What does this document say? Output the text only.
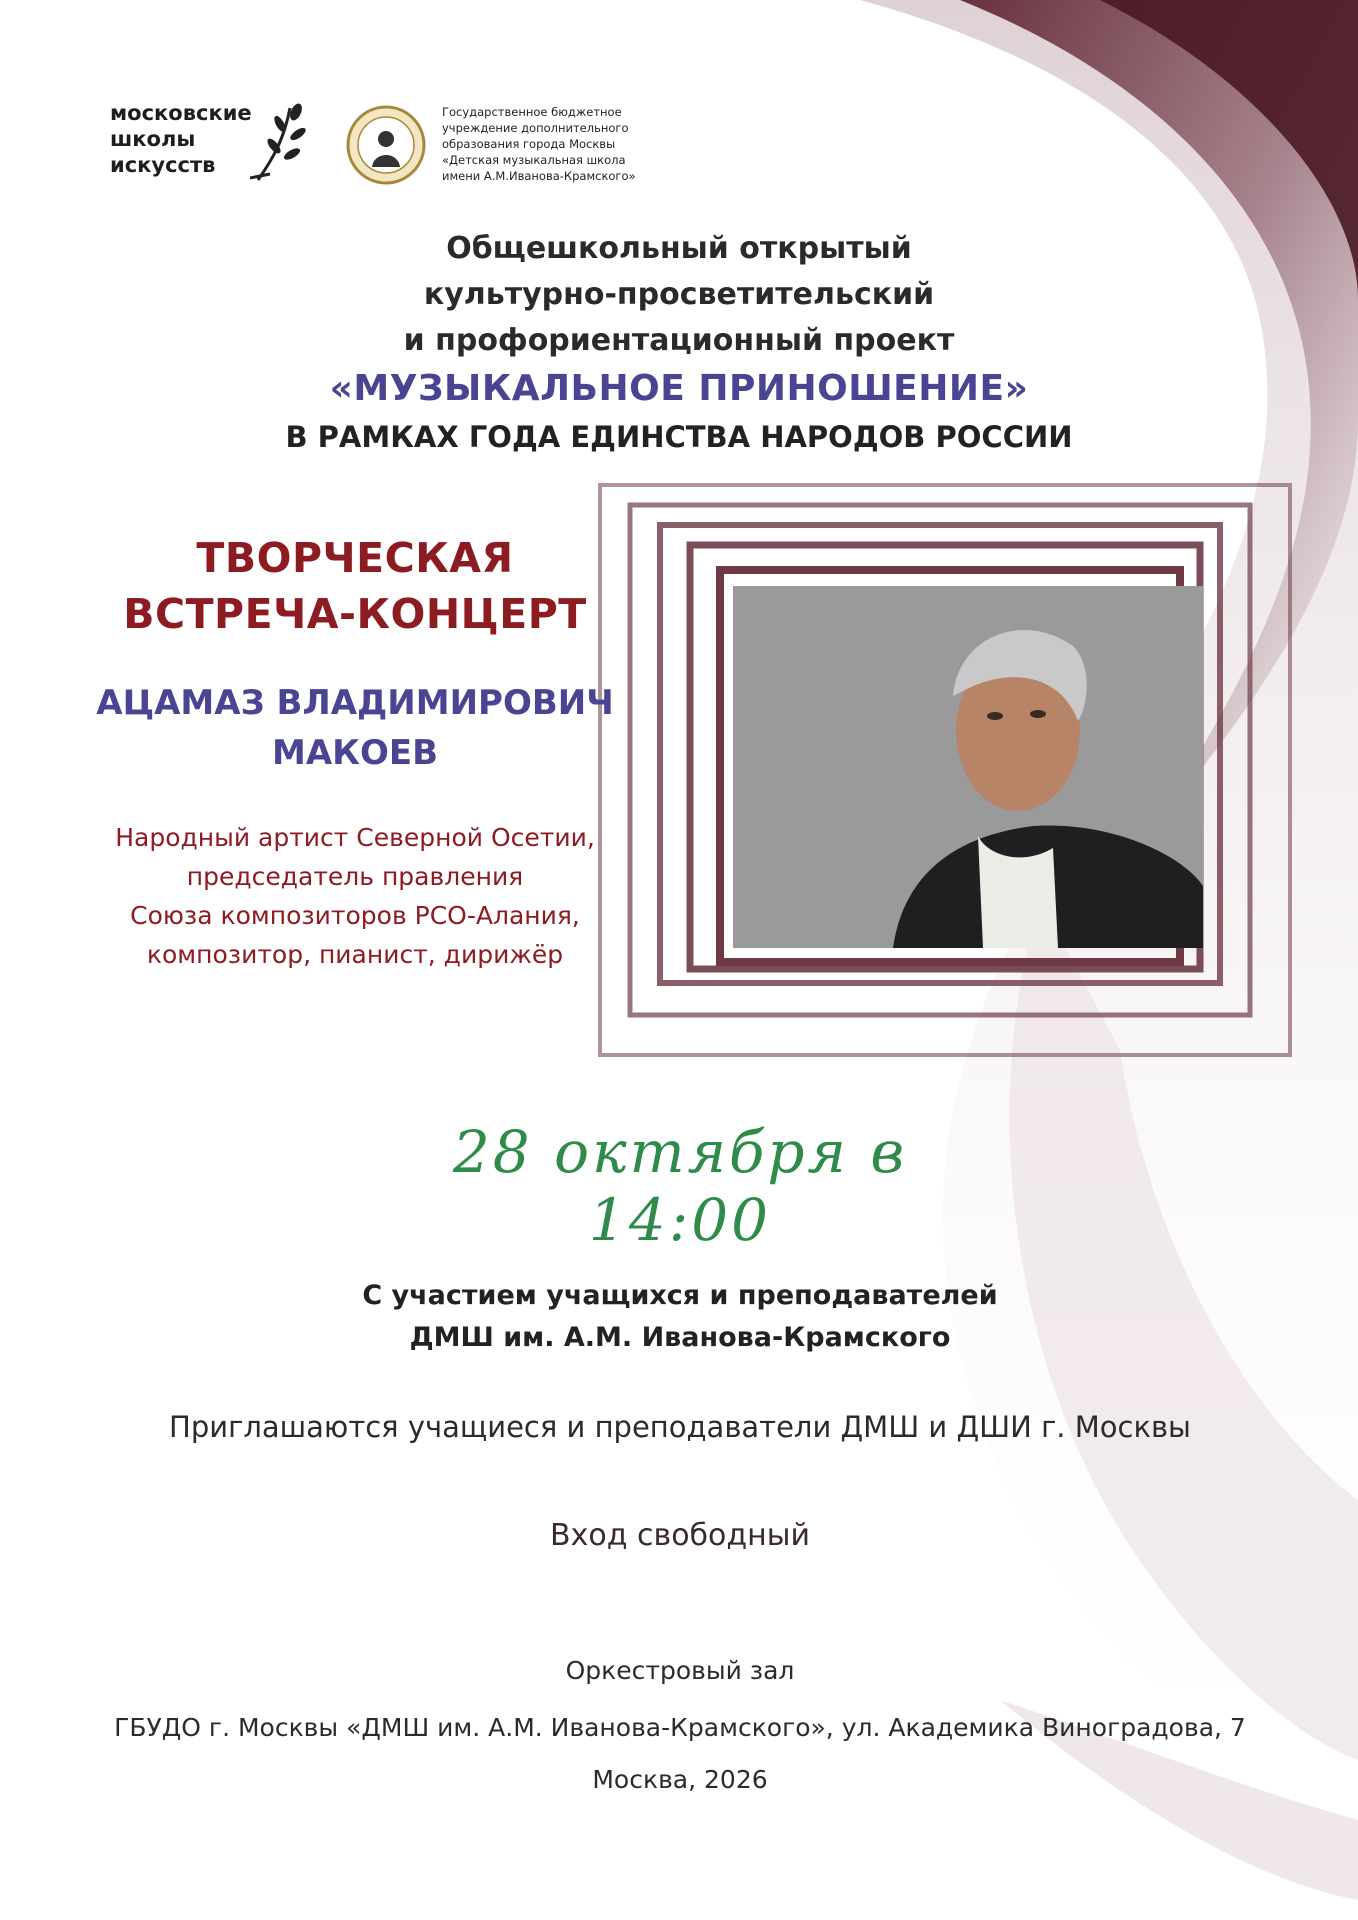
московские
школы
искусств
Государственное бюджетное
учреждение дополнительного
образования города Москвы
«Детская музыкальная школа
имени А.М.Иванова-Крамского»
Общешкольный открытый
культурно-просветительский
и профориентационный проект
«МУЗЫКАЛЬНОЕ ПРИНОШЕНИЕ»
В РАМКАХ ГОДА ЕДИНСТВА НАРОДОВ РОССИИ
ТВОРЧЕСКАЯ
ВСТРЕЧА-КОНЦЕРТ
АЦАМАЗ ВЛАДИМИРОВИЧ
МАКОЕВ
Народный артист Северной Осетии,
председатель правления
Союза композиторов РСО-Алания,
композитор, пианист, дирижёр
28 октября в 14:00
С участием учащихся и преподавателей
ДМШ им. А.М. Иванова-Крамского
Приглашаются учащиеся и преподаватели ДМШ и ДШИ г. Москвы
Вход свободный
Оркестровый зал
ГБУДО г. Москвы «ДМШ им. А.М. Иванова-Крамского», ул. Академика Виноградова, 7
Москва, 2026
